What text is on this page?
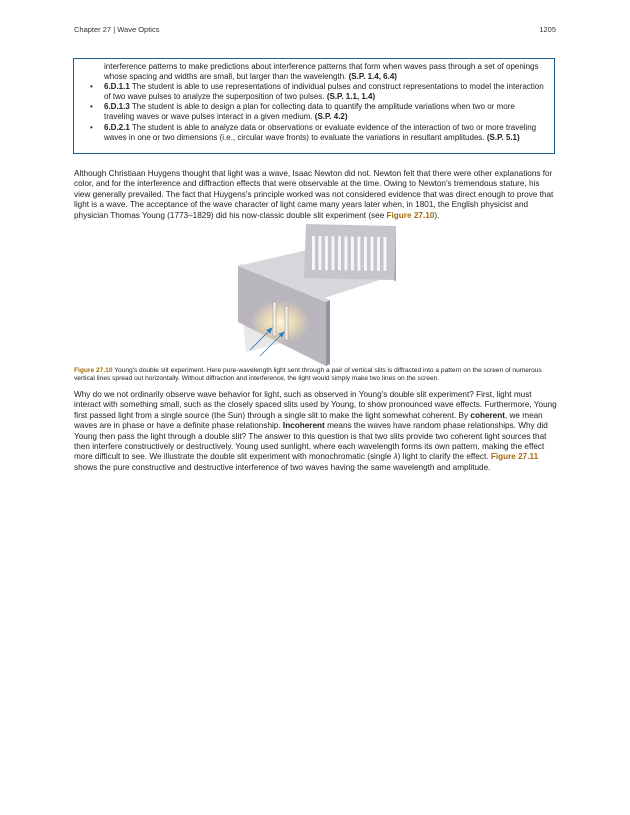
Chapter 27 | Wave Optics	1205

interference patterns to make predictions about interference patterns that form when waves pass through a set of openings whose spacing and widths are small, but larger than the wavelength. (S.P. 1.4, 6.4)

• 6.D.1.1 The student is able to use representations of individual pulses and construct representations to model the interaction of two wave pulses to analyze the superposition of two pulses. (S.P. 1.1, 1.4)
• 6.D.1.3 The student is able to design a plan for collecting data to quantify the amplitude variations when two or more traveling waves or wave pulses interact in a given medium. (S.P. 4.2)
• 6.D.2.1 The student is able to analyze data or observations or evaluate evidence of the interaction of two or more traveling waves in one or two dimensions (i.e., circular wave fronts) to evaluate the variations in resultant amplitudes. (S.P. 5.1)

Although Christiaan Huygens thought that light was a wave, Isaac Newton did not. Newton felt that there were other explanations for color, and for the interference and diffraction effects that were observable at the time. Owing to Newton's tremendous stature, his view generally prevailed. The fact that Huygens's principle worked was not considered evidence that was direct enough to prove that light is a wave. The acceptance of the wave character of light came many years later when, in 1801, the English physicist and physician Thomas Young (1773–1829) did his now-classic double slit experiment (see Figure 27.10).

Figure 27.10 Young's double slit experiment. Here pure-wavelength light sent through a pair of vertical slits is diffracted into a pattern on the screen of numerous vertical lines spread out horizontally. Without diffraction and interference, the light would simply make two lines on the screen.

Why do we not ordinarily observe wave behavior for light, such as observed in Young's double slit experiment? First, light must interact with something small, such as the closely spaced slits used by Young, to show pronounced wave effects. Furthermore, Young first passed light from a single source (the Sun) through a single slit to make the light somewhat coherent. By coherent, we mean waves are in phase or have a definite phase relationship. Incoherent means the waves have random phase relationships. Why did Young then pass the light through a double slit? The answer to this question is that two slits provide two coherent light sources that then interfere constructively or destructively. Young used sunlight, where each wavelength forms its own pattern, making the effect more difficult to see. We illustrate the double slit experiment with monochromatic (single λ) light to clarify the effect. Figure 27.11 shows the pure constructive and destructive interference of two waves having the same wavelength and amplitude.
